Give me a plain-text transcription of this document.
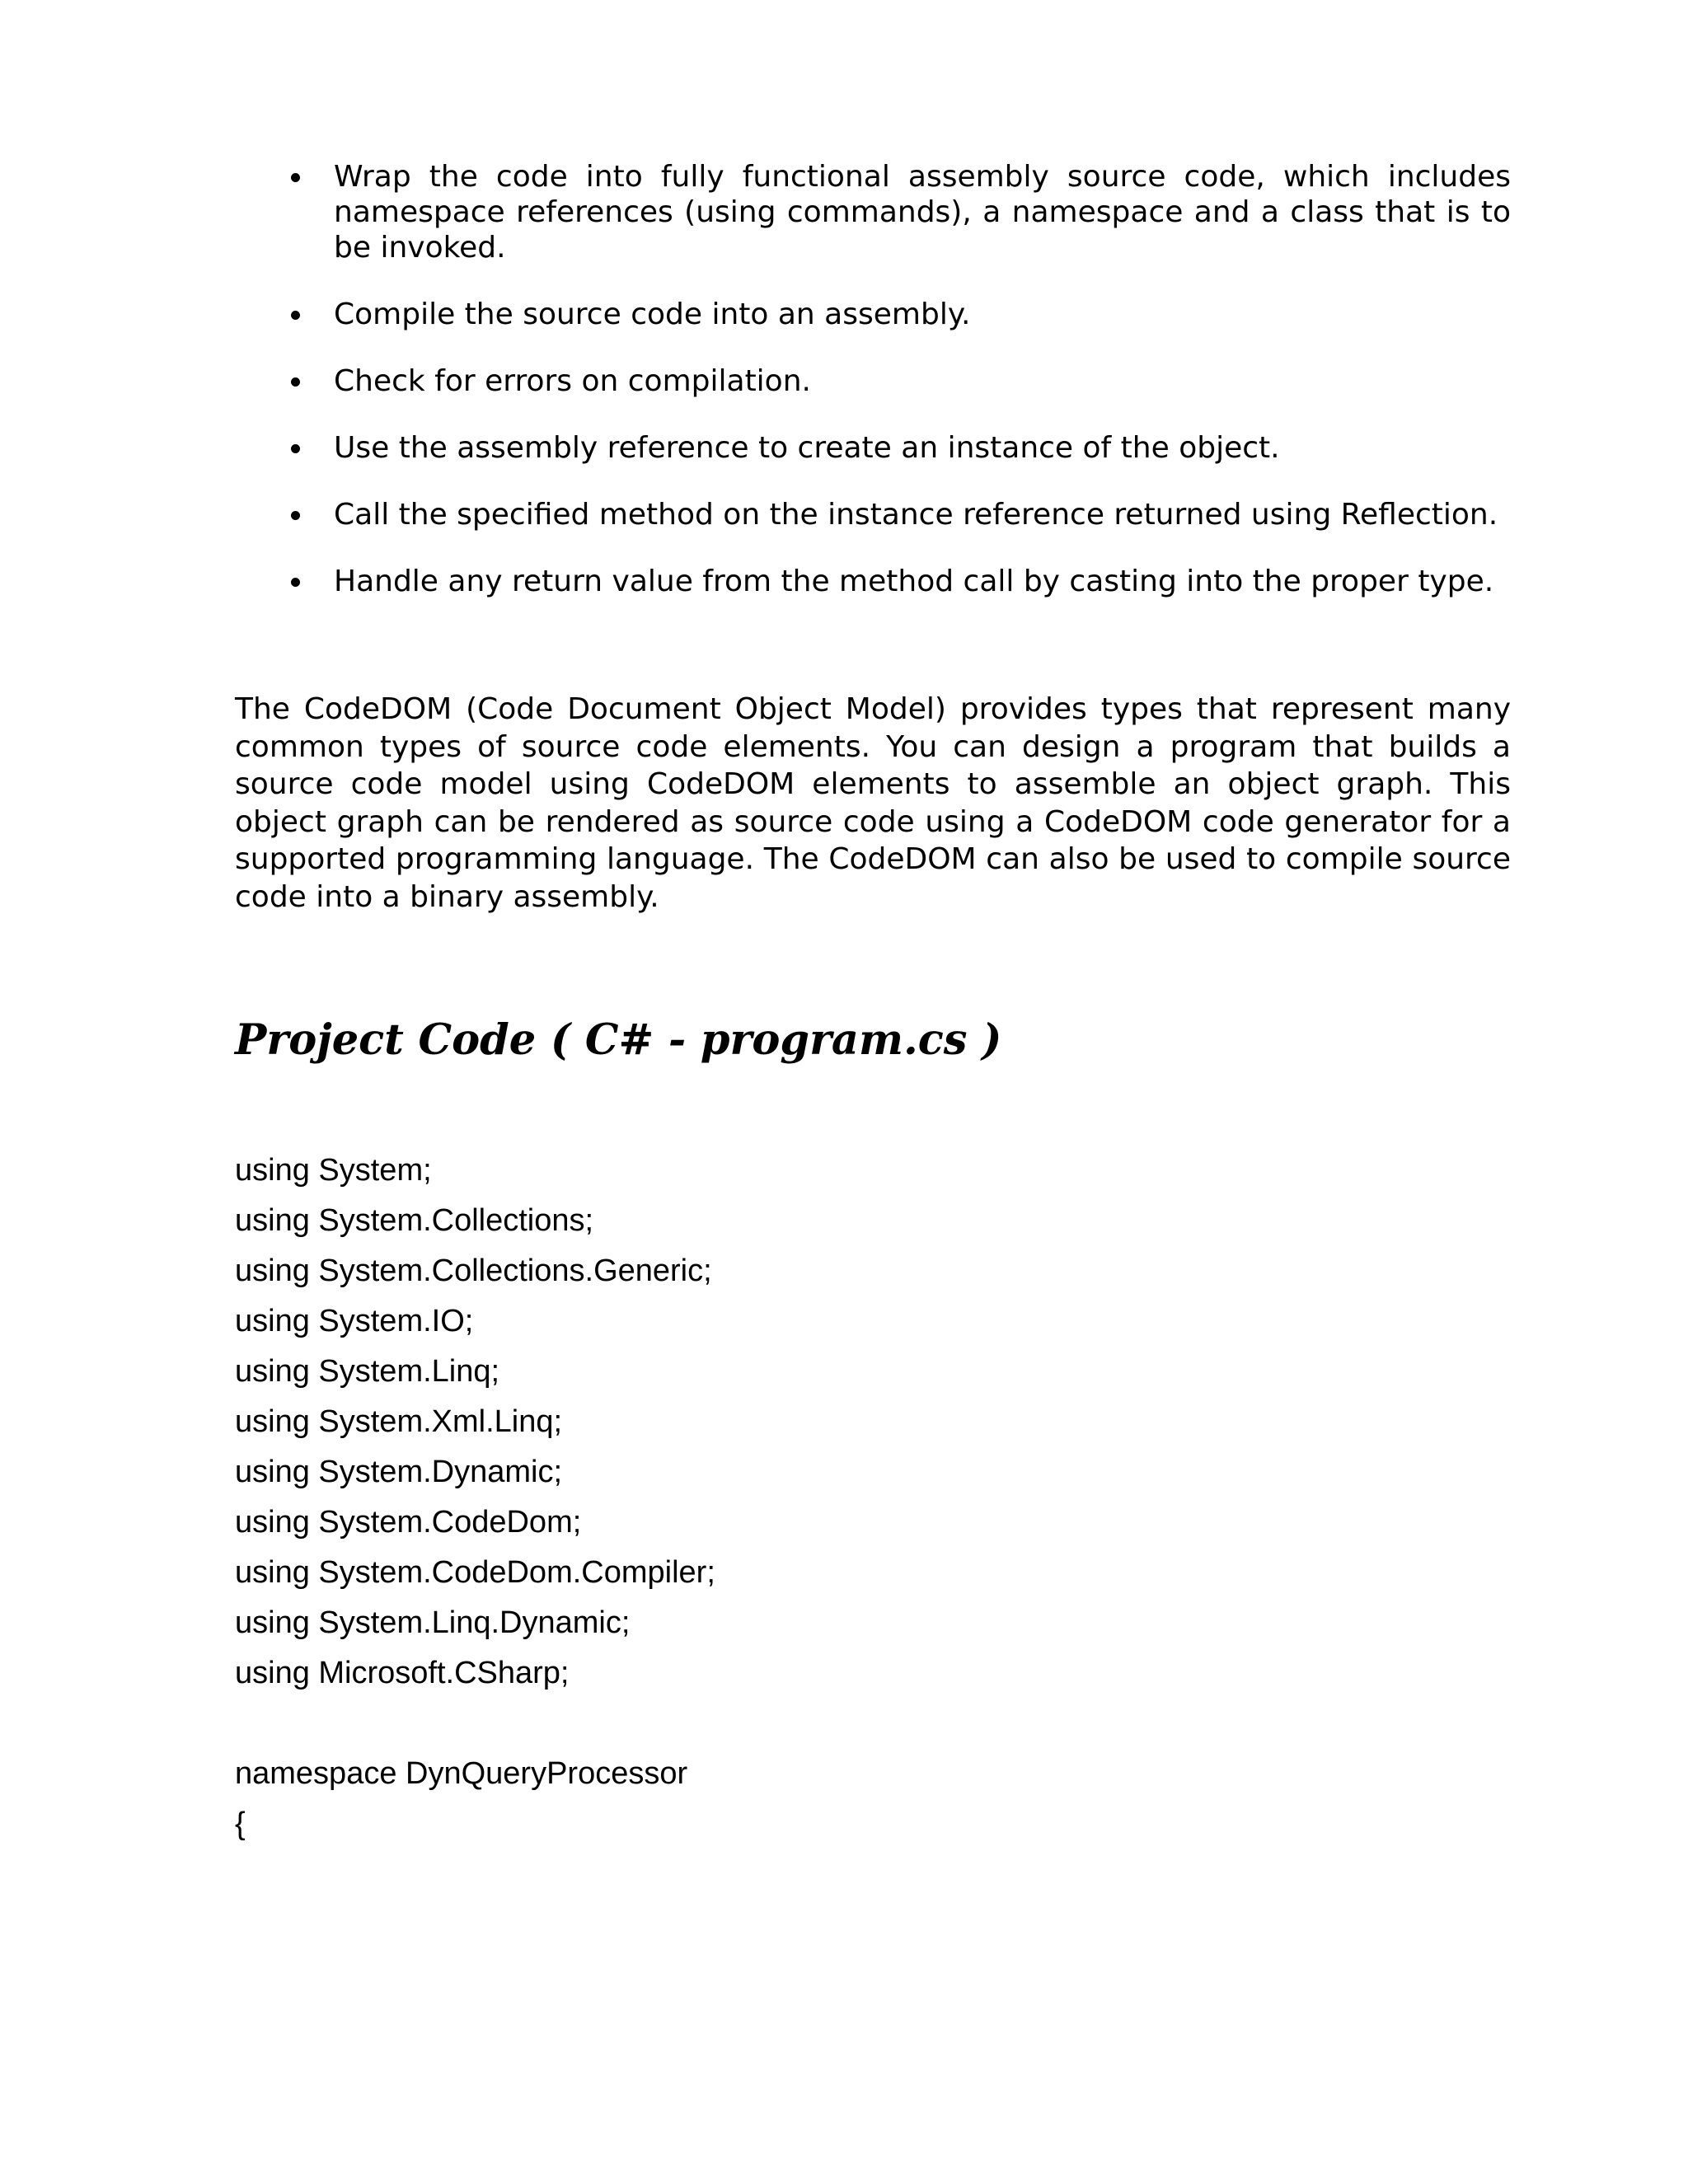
Wrap the code into fully functional assembly source code, which includes namespace references (using commands), a namespace and a class that is to be invoked.
Compile the source code into an assembly.
Check for errors on compilation.
Use the assembly reference to create an instance of the object.
Call the specified method on the instance reference returned using Reflection.
Handle any return value from the method call by casting into the proper type.

The CodeDOM (Code Document Object Model) provides types that represent many common types of source code elements. You can design a program that builds a source code model using CodeDOM elements to assemble an object graph. This object graph can be rendered as source code using a CodeDOM code generator for a supported programming language. The CodeDOM can also be used to compile source code into a binary assembly.

Project Code ( C# - program.cs )
using System;
using System.Collections;
using System.Collections.Generic;
using System.IO;
using System.Linq;
using System.Xml.Linq;
using System.Dynamic;
using System.CodeDom;
using System.CodeDom.Compiler;
using System.Linq.Dynamic;
using Microsoft.CSharp;
namespace DynQueryProcessor
{
